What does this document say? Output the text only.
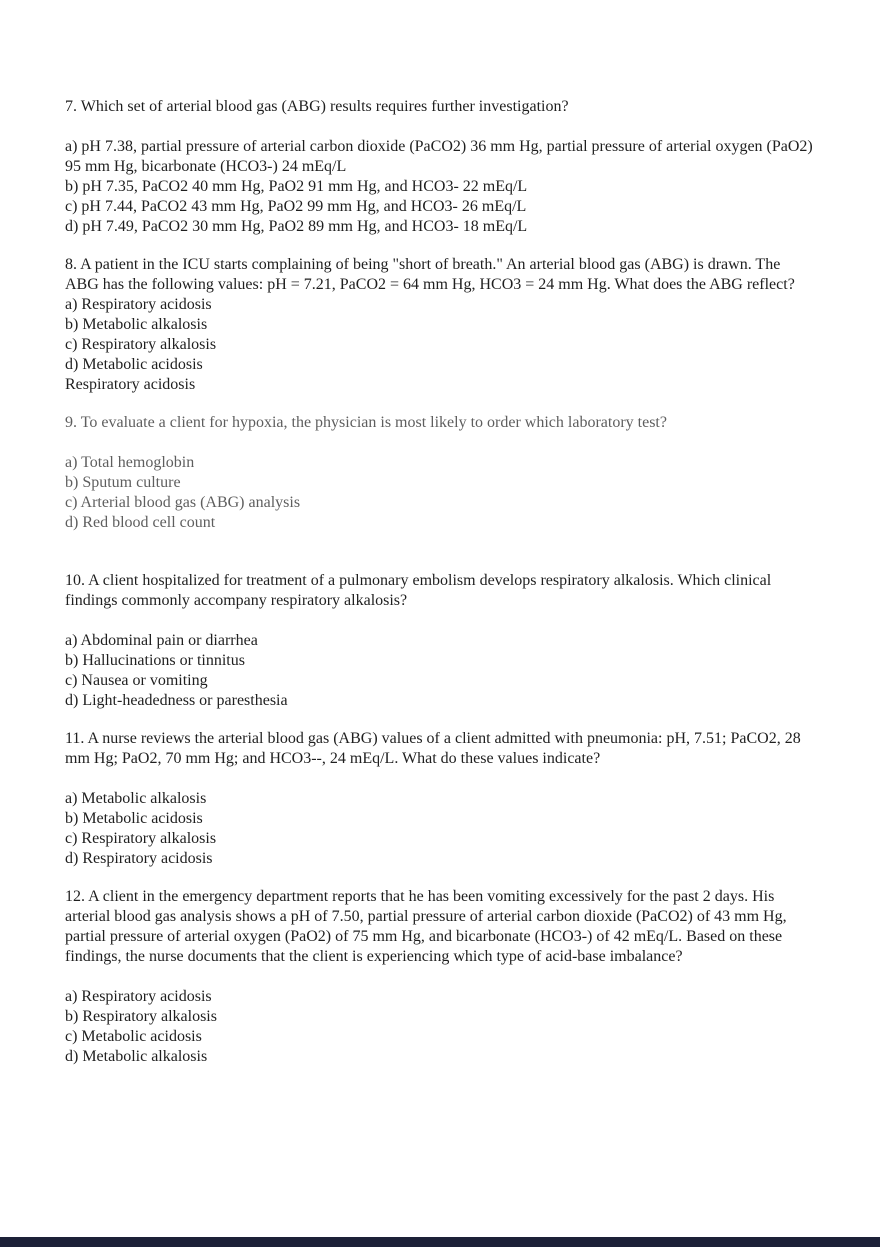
7. Which set of arterial blood gas (ABG) results requires further investigation?

a) pH 7.38, partial pressure of arterial carbon dioxide (PaCO2) 36 mm Hg, partial pressure of arterial oxygen (PaO2) 95 mm Hg, bicarbonate (HCO3-) 24 mEq/L

b) pH 7.35, PaCO2 40 mm Hg, PaO2 91 mm Hg, and HCO3- 22 mEq/L

c) pH 7.44, PaCO2 43 mm Hg, PaO2 99 mm Hg, and HCO3- 26 mEq/L

d) pH 7.49, PaCO2 30 mm Hg, PaO2 89 mm Hg, and HCO3- 18 mEq/L

8. A patient in the ICU starts complaining of being "short of breath." An arterial blood gas (ABG) is drawn. The ABG has the following values: pH = 7.21, PaCO2 = 64 mm Hg, HCO3 = 24 mm Hg. What does the ABG reflect?

a) Respiratory acidosis

b) Metabolic alkalosis

c) Respiratory alkalosis

d) Metabolic acidosis

Respiratory acidosis

9. To evaluate a client for hypoxia, the physician is most likely to order which laboratory test?

a) Total hemoglobin

b) Sputum culture

c) Arterial blood gas (ABG) analysis

d) Red blood cell count

10. A client hospitalized for treatment of a pulmonary embolism develops respiratory alkalosis. Which clinical findings commonly accompany respiratory alkalosis?

a) Abdominal pain or diarrhea

b) Hallucinations or tinnitus

c) Nausea or vomiting

d) Light-headedness or paresthesia

11. A nurse reviews the arterial blood gas (ABG) values of a client admitted with pneumonia: pH, 7.51; PaCO2, 28 mm Hg; PaO2, 70 mm Hg; and HCO3--, 24 mEq/L. What do these values indicate?

a) Metabolic alkalosis

b) Metabolic acidosis

c) Respiratory alkalosis

d) Respiratory acidosis

12. A client in the emergency department reports that he has been vomiting excessively for the past 2 days. His arterial blood gas analysis shows a pH of 7.50, partial pressure of arterial carbon dioxide (PaCO2) of 43 mm Hg, partial pressure of arterial oxygen (PaO2) of 75 mm Hg, and bicarbonate (HCO3-) of 42 mEq/L. Based on these findings, the nurse documents that the client is experiencing which type of acid-base imbalance?

a) Respiratory acidosis

b) Respiratory alkalosis

c) Metabolic acidosis

d) Metabolic alkalosis
